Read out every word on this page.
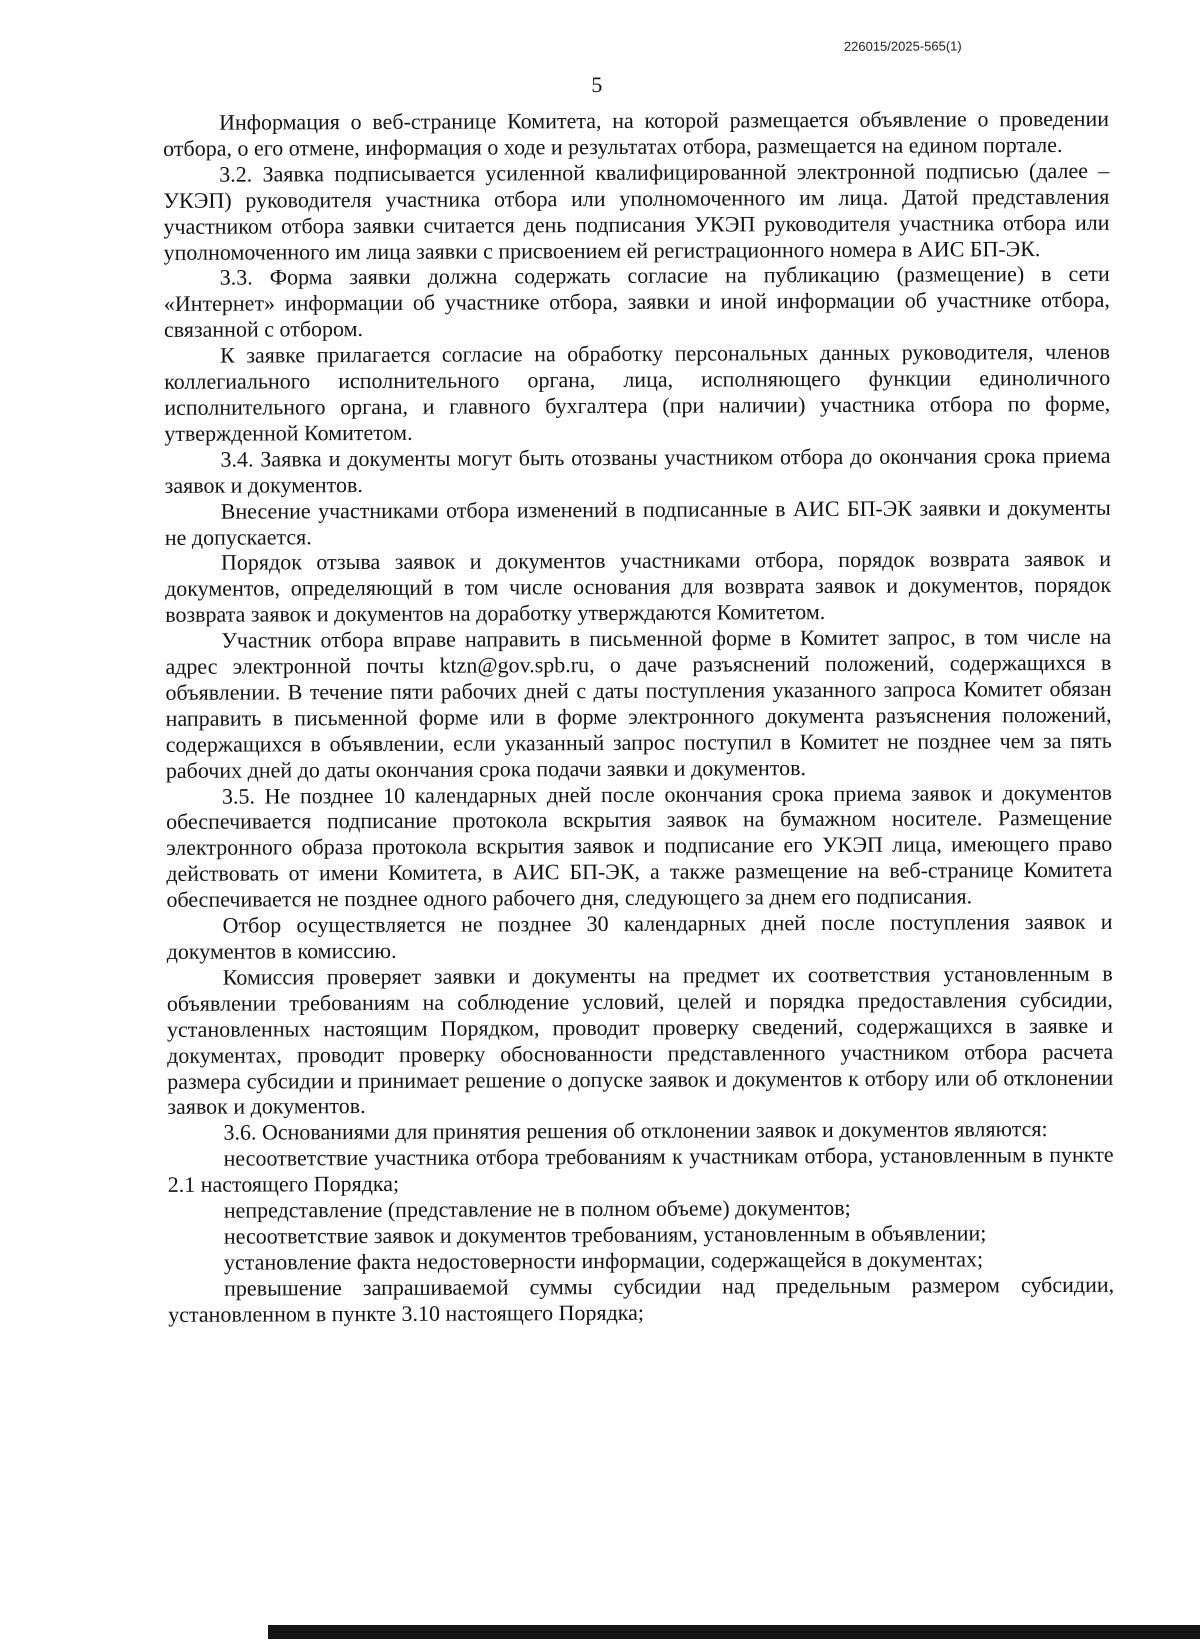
226015/2025-565(1)
5

Информация о веб-странице Комитета, на которой размещается объявление о проведении отбора, о его отмене, информация о ходе и результатах отбора, размещается на едином портале.

3.2. Заявка подписывается усиленной квалифицированной электронной подписью (далее – УКЭП) руководителя участника отбора или уполномоченного им лица. Датой представления участником отбора заявки считается день подписания УКЭП руководителя участника отбора или уполномоченного им лица заявки с присвоением ей регистрационного номера в АИС БП-ЭК.

3.3. Форма заявки должна содержать согласие на публикацию (размещение) в сети «Интернет» информации об участнике отбора, заявки и иной информации об участнике отбора, связанной с отбором.

К заявке прилагается согласие на обработку персональных данных руководителя, членов коллегиального исполнительного органа, лица, исполняющего функции единоличного исполнительного органа, и главного бухгалтера (при наличии) участника отбора по форме, утвержденной Комитетом.

3.4. Заявка и документы могут быть отозваны участником отбора до окончания срока приема заявок и документов.

Внесение участниками отбора изменений в подписанные в АИС БП-ЭК заявки и документы не допускается.

Порядок отзыва заявок и документов участниками отбора, порядок возврата заявок и документов, определяющий в том числе основания для возврата заявок и документов, порядок возврата заявок и документов на доработку утверждаются Комитетом.

Участник отбора вправе направить в письменной форме в Комитет запрос, в том числе на адрес электронной почты ktzn@gov.spb.ru, о даче разъяснений положений, содержащихся в объявлении. В течение пяти рабочих дней с даты поступления указанного запроса Комитет обязан направить в письменной форме или в форме электронного документа разъяснения положений, содержащихся в объявлении, если указанный запрос поступил в Комитет не позднее чем за пять рабочих дней до даты окончания срока подачи заявки и документов.

3.5. Не позднее 10 календарных дней после окончания срока приема заявок и документов обеспечивается подписание протокола вскрытия заявок на бумажном носителе. Размещение электронного образа протокола вскрытия заявок и подписание его УКЭП лица, имеющего право действовать от имени Комитета, в АИС БП-ЭК, а также размещение на веб-странице Комитета обеспечивается не позднее одного рабочего дня, следующего за днем его подписания.

Отбор осуществляется не позднее 30 календарных дней после поступления заявок и документов в комиссию.

Комиссия проверяет заявки и документы на предмет их соответствия установленным в объявлении требованиям на соблюдение условий, целей и порядка предоставления субсидии, установленных настоящим Порядком, проводит проверку сведений, содержащихся в заявке и документах, проводит проверку обоснованности представленного участником отбора расчета размера субсидии и принимает решение о допуске заявок и документов к отбору или об отклонении заявок и документов.

3.6. Основаниями для принятия решения об отклонении заявок и документов являются:

несоответствие участника отбора требованиям к участникам отбора, установленным в пункте 2.1 настоящего Порядка;

непредставление (представление не в полном объеме) документов;

несоответствие заявок и документов требованиям, установленным в объявлении;

установление факта недостоверности информации, содержащейся в документах;

превышение запрашиваемой суммы субсидии над предельным размером субсидии, установленном в пункте 3.10 настоящего Порядка;
